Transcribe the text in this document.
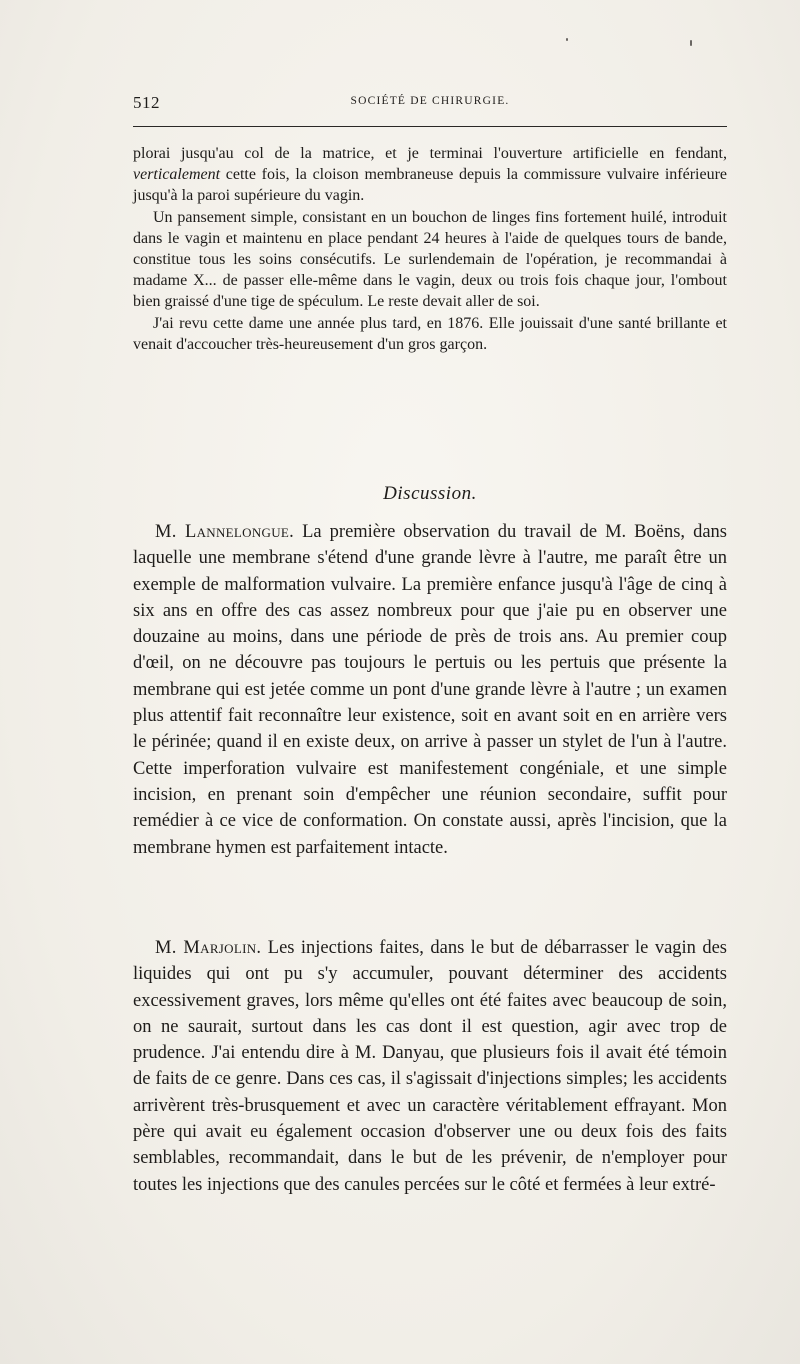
512	SOCIÉTÉ DE CHIRURGIE.

plorai jusqu'au col de la matrice, et je terminai l'ouverture artificielle en fendant, verticalement cette fois, la cloison membraneuse depuis la commissure vulvaire inférieure jusqu'à la paroi supérieure du vagin.

Un pansement simple, consistant en un bouchon de linges fins fortement huilé, introduit dans le vagin et maintenu en place pendant 24 heures à l'aide de quelques tours de bande, constitue tous les soins consécutifs. Le surlendemain de l'opération, je recommandai à madame X... de passer elle-même dans le vagin, deux ou trois fois chaque jour, l'ombout bien graissé d'une tige de spéculum. Le reste devait aller de soi.

J'ai revu cette dame une année plus tard, en 1876. Elle jouissait d'une santé brillante et venait d'accoucher très-heureusement d'un gros garçon.

Discussion.

M. Lannelongue. La première observation du travail de M. Boëns, dans laquelle une membrane s'étend d'une grande lèvre à l'autre, me paraît être un exemple de malformation vulvaire. La première enfance jusqu'à l'âge de cinq à six ans en offre des cas assez nombreux pour que j'aie pu en observer une douzaine au moins, dans une période de près de trois ans. Au premier coup d'œil, on ne découvre pas toujours le pertuis ou les pertuis que présente la membrane qui est jetée comme un pont d'une grande lèvre à l'autre ; un examen plus attentif fait reconnaître leur existence, soit en avant soit en en arrière vers le périnée; quand il en existe deux, on arrive à passer un stylet de l'un à l'autre. Cette imperforation vulvaire est manifestement congéniale, et une simple incision, en prenant soin d'empêcher une réunion secondaire, suffit pour remédier à ce vice de conformation. On constate aussi, après l'incision, que la membrane hymen est parfaitement intacte.

M. Marjolin. Les injections faites, dans le but de débarrasser le vagin des liquides qui ont pu s'y accumuler, pouvant déterminer des accidents excessivement graves, lors même qu'elles ont été faites avec beaucoup de soin, on ne saurait, surtout dans les cas dont il est question, agir avec trop de prudence. J'ai entendu dire à M. Danyau, que plusieurs fois il avait été témoin de faits de ce genre. Dans ces cas, il s'agissait d'injections simples; les accidents arrivèrent très-brusquement et avec un caractère véritablement effrayant. Mon père qui avait eu également occasion d'observer une ou deux fois des faits semblables, recommandait, dans le but de les prévenir, de n'employer pour toutes les injections que des canules percées sur le côté et fermées à leur extré-
